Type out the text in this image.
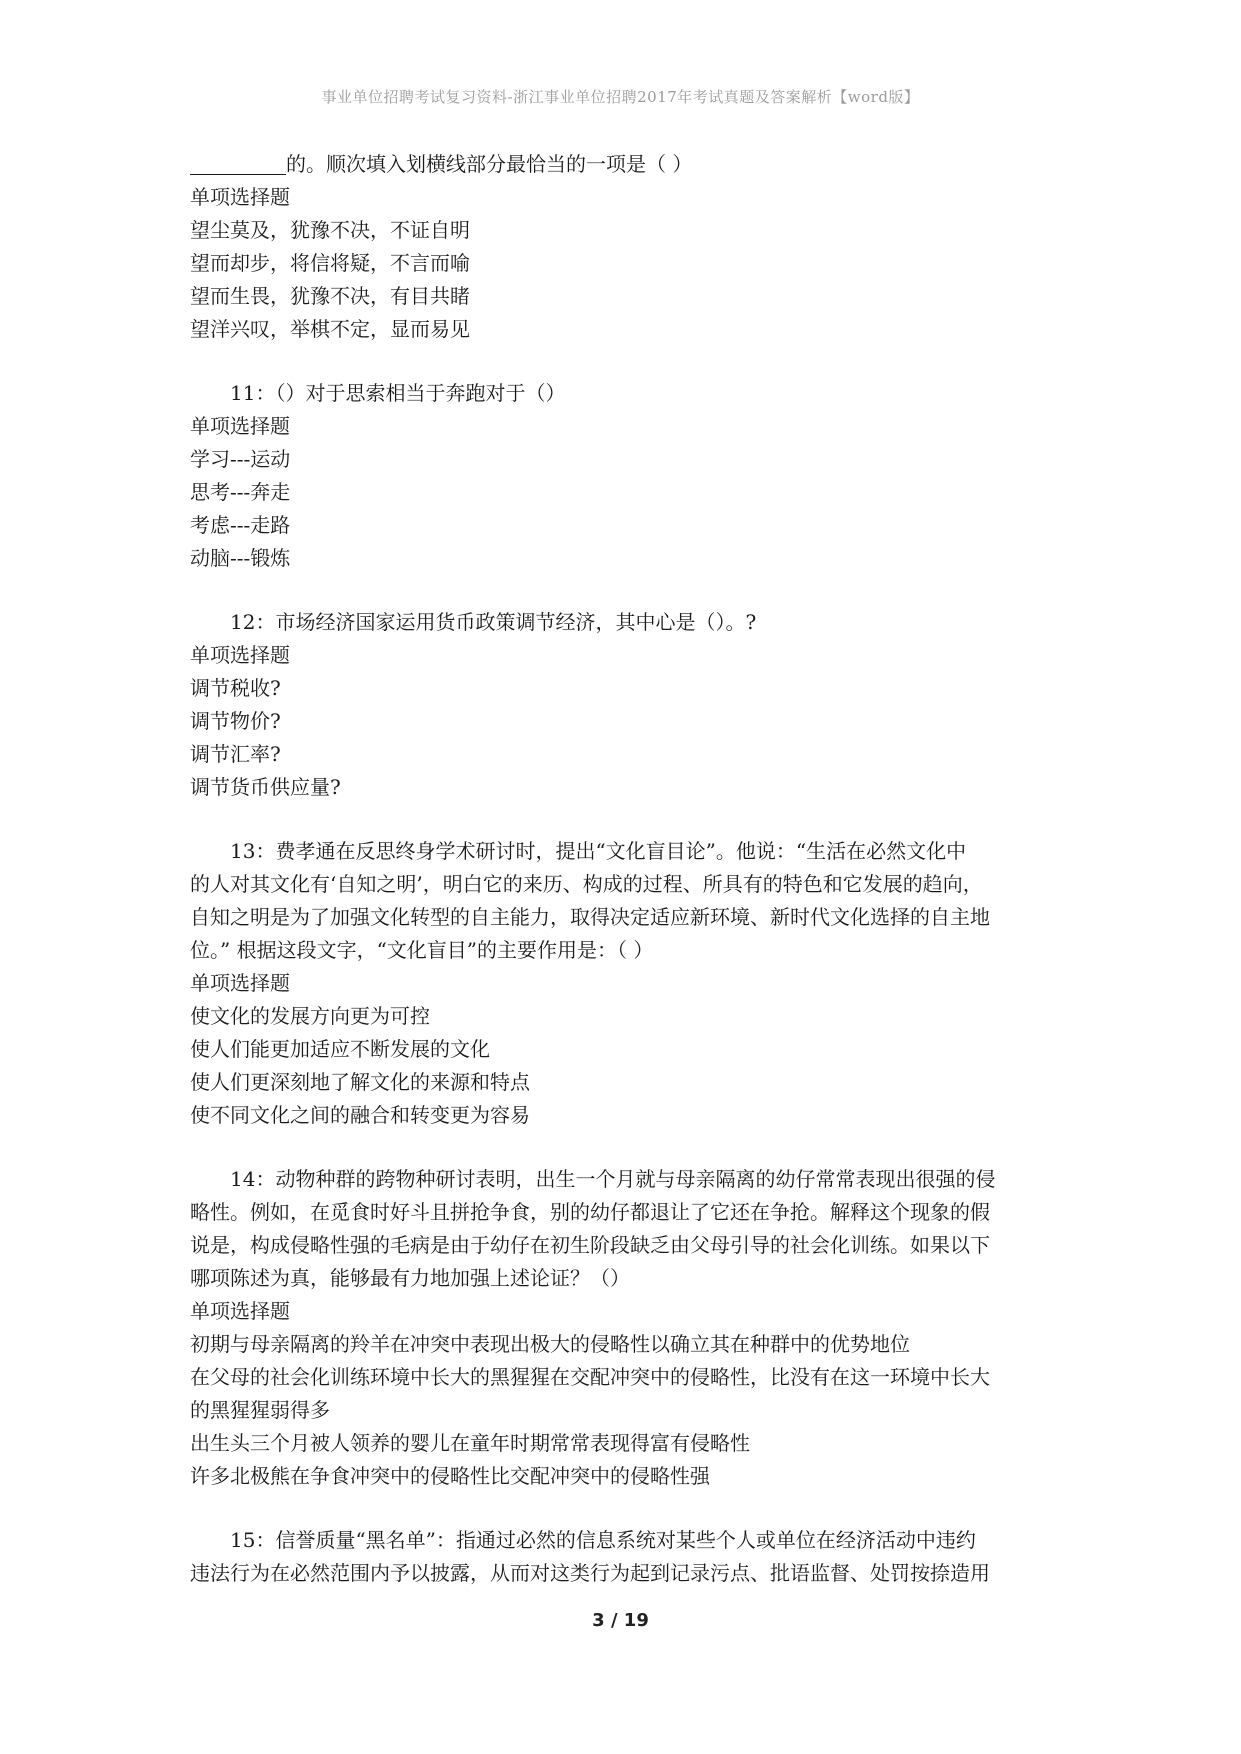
事业单位招聘考试复习资料-浙江事业单位招聘2017年考试真题及答案解析【word版】
的。顺次填入划横线部分最恰当的一项是（ ）
单项选择题
望尘莫及，犹豫不决，不证自明
望而却步，将信将疑，不言而喻
望而生畏，犹豫不决，有目共睹
望洋兴叹，举棋不定，显而易见
11：（）对于思索相当于奔跑对于（）
单项选择题
学习---运动
思考---奔走
考虑---走路
动脑---锻炼
12：市场经济国家运用货币政策调节经济，其中心是（）。?
单项选择题
调节税收?
调节物价?
调节汇率?
调节货币供应量?
13：费孝通在反思终身学术研讨时，提出“文化盲目论”。他说：“生活在必然文化中
的人对其文化有‘自知之明’，明白它的来历、构成的过程、所具有的特色和它发展的趋向，
自知之明是为了加强文化转型的自主能力，取得决定适应新环境、新时代文化选择的自主地
位。” 根据这段文字，“文化盲目”的主要作用是：（ ）
单项选择题
使文化的发展方向更为可控
使人们能更加适应不断发展的文化
使人们更深刻地了解文化的来源和特点
使不同文化之间的融合和转变更为容易
14：动物种群的跨物种研讨表明，出生一个月就与母亲隔离的幼仔常常表现出很强的侵
略性。例如，在觅食时好斗且拼抢争食，别的幼仔都退让了它还在争抢。解释这个现象的假
说是，构成侵略性强的毛病是由于幼仔在初生阶段缺乏由父母引导的社会化训练。如果以下
哪项陈述为真，能够最有力地加强上述论证？（）
单项选择题
初期与母亲隔离的羚羊在冲突中表现出极大的侵略性以确立其在种群中的优势地位
在父母的社会化训练环境中长大的黑猩猩在交配冲突中的侵略性，比没有在这一环境中长大
的黑猩猩弱得多
出生头三个月被人领养的婴儿在童年时期常常表现得富有侵略性
许多北极熊在争食冲突中的侵略性比交配冲突中的侵略性强
15：信誉质量“黑名单”：指通过必然的信息系统对某些个人或单位在经济活动中违约
违法行为在必然范围内予以披露，从而对这类行为起到记录污点、批语监督、处罚按捺造用
3 / 19
